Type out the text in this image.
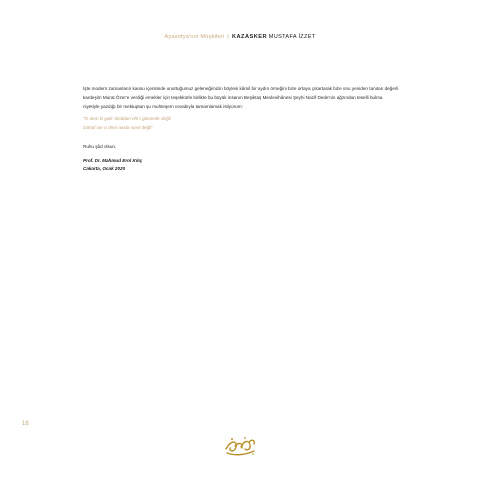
Ayasofya'nın Müşkileri | KAZASKER MUSTAFA İZZET

İşte modern zamanların kaosu içerisinde unuttuğumuz geleneğimizin böylesi kâmil bir aydın örneğini bize ortaya çıkartarak bize onu yeniden tanıtan değerli kardeşim Murat Özer'e verdiği emekler için teşekkürle birlikte bu büyük insanın Beşiktaş Mevlevihânesi Şeyhi Nazif Dede'nin ağzından teselli bulma niyetiyle yazdığı bir mektuptan şu muhteşem cevabıyla tamamlamak istiyorum:

"O dem ki gelir âmâdan ehl-i gözünde değil

Gönül ser o dem nasla nasıl değil"

Ruhu şâd olsun.

Prof. Dr. Mahmud Erol Kılıç

Cakarta, Ocak 2020

16
